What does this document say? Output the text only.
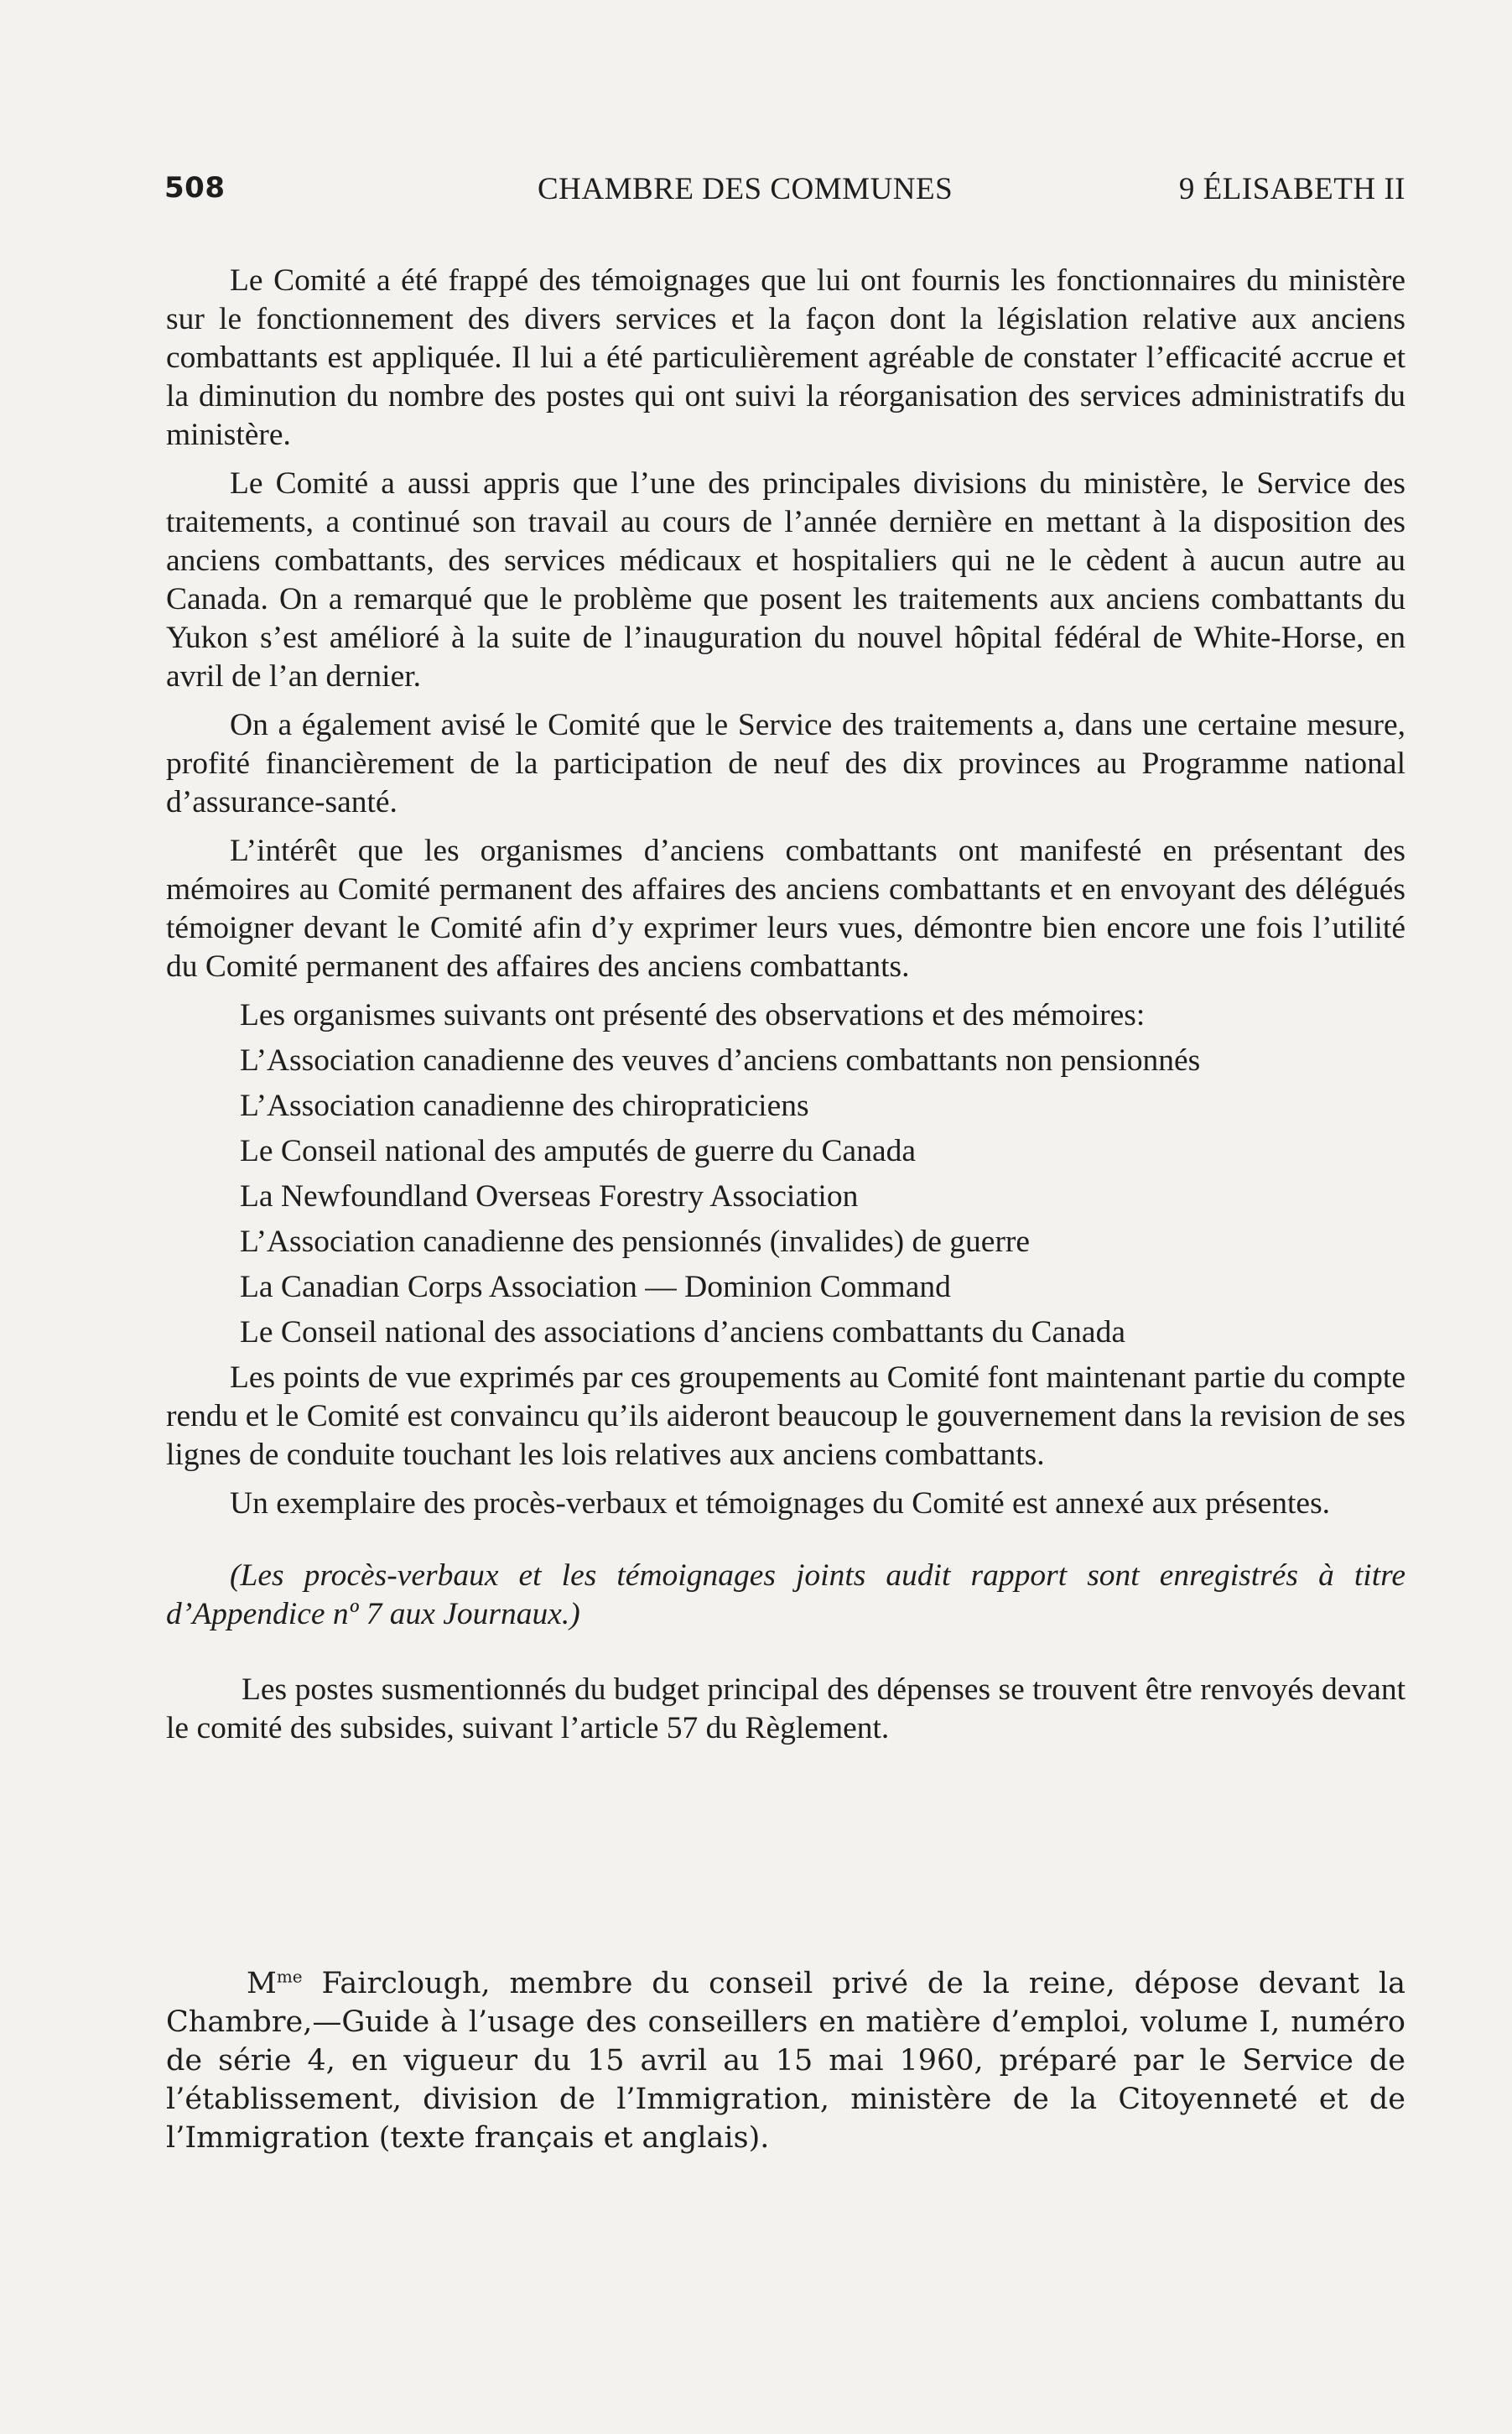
508	CHAMBRE DES COMMUNES	9 ÉLISABETH II

Le Comité a été frappé des témoignages que lui ont fournis les fonctionnaires du ministère sur le fonctionnement des divers services et la façon dont la législation relative aux anciens combattants est appliquée. Il lui a été particulièrement agréable de constater l’efficacité accrue et la diminution du nombre des postes qui ont suivi la réorganisation des services administratifs du ministère.

Le Comité a aussi appris que l’une des principales divisions du ministère, le Service des traitements, a continué son travail au cours de l’année dernière en mettant à la disposition des anciens combattants, des services médicaux et hospitaliers qui ne le cèdent à aucun autre au Canada. On a remarqué que le problème que posent les traitements aux anciens combattants du Yukon s’est amélioré à la suite de l’inauguration du nouvel hôpital fédéral de White-Horse, en avril de l’an dernier.

On a également avisé le Comité que le Service des traitements a, dans une certaine mesure, profité financièrement de la participation de neuf des dix provinces au Programme national d’assurance-santé.

L’intérêt que les organismes d’anciens combattants ont manifesté en présentant des mémoires au Comité permanent des affaires des anciens combattants et en envoyant des délégués témoigner devant le Comité afin d’y exprimer leurs vues, démontre bien encore une fois l’utilité du Comité permanent des affaires des anciens combattants.

Les organismes suivants ont présenté des observations et des mémoires:

L’Association canadienne des veuves d’anciens combattants non pensionnés
L’Association canadienne des chiropraticiens
Le Conseil national des amputés de guerre du Canada
La Newfoundland Overseas Forestry Association
L’Association canadienne des pensionnés (invalides) de guerre
La Canadian Corps Association — Dominion Command
Le Conseil national des associations d’anciens combattants du Canada

Les points de vue exprimés par ces groupements au Comité font maintenant partie du compte rendu et le Comité est convaincu qu’ils aideront beaucoup le gouvernement dans la revision de ses lignes de conduite touchant les lois relatives aux anciens combattants.

Un exemplaire des procès-verbaux et témoignages du Comité est annexé aux présentes.

(Les procès-verbaux et les témoignages joints audit rapport sont enregistrés à titre d’Appendice nº 7 aux Journaux.)

Les postes susmentionnés du budget principal des dépenses se trouvent être renvoyés devant le comité des subsides, suivant l’article 57 du Règlement.

$M^{me}$ Fairclough, membre du conseil privé de la reine, dépose devant la Chambre,—Guide à l’usage des conseillers en matière d’emploi, volume I, numéro de série 4, en vigueur du 15 avril au 15 mai 1960, préparé par le Service de l’établissement, division de l’Immigration, ministère de la Citoyenneté et de l’Immigration (texte français et anglais).
